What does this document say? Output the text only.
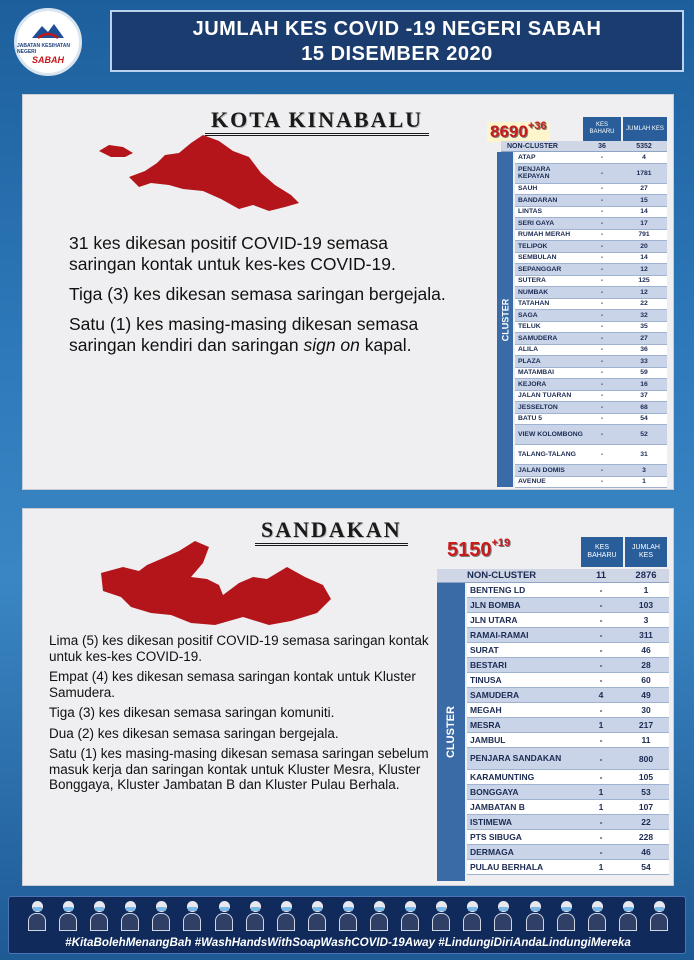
JABATAN KESIHATAN NEGERI
SABAH
JUMLAH KES COVID -19 NEGERI SABAH
15 DISEMBER 2020
KOTA KINABALU

31 kes dikesan positif COVID-19 semasa saringan kontak untuk kes-kes COVID-19.

Tiga (3) kes dikesan semasa saringan bergejala.

Satu (1) kes masing-masing dikesan semasa saringan kendiri dan saringan sign on kapal.

$8690^{+36}$	KES BAHARU
JUMLAH KES
NON-CLUSTER	36	5352
CLUSTER
ATAP	-	4
PENJARA KEPAYAN	-	1781
SAUH	-	27
BANDARAN	-	15
LINTAS	-	14
SERI GAYA	-	17
RUMAH MERAH	-	791
TELIPOK	-	20
SEMBULAN	-	14
SEPANGGAR	-	12
SUTERA	-	125
NUMBAK	-	12
TATAHAN	-	22
SAGA	-	32
TELUK	-	35
SAMUDERA	-	27
ALILA	-	36
PLAZA	-	33
MATAMBAI	-	59
KEJORA	-	16
JALAN TUARAN	-	37
JESSELTON	-	68
BATU 5	-	54
VIEW KOLOMBONG	-	52
TALANG-TALANG	-	31
JALAN DOMIS	-	3
AVENUE	-	1
SANDAKAN

Lima (5) kes dikesan positif COVID-19 semasa saringan kontak untuk kes-kes COVID-19.

Empat (4) kes dikesan semasa saringan kontak untuk Kluster Samudera.

Tiga (3) kes dikesan semasa saringan komuniti.

Dua (2) kes dikesan semasa saringan bergejala.

Satu (1) kes masing-masing dikesan semasa saringan sebelum masuk kerja dan saringan kontak untuk Kluster Mesra, Kluster Bonggaya, Kluster Jambatan B dan Kluster Pulau Berhala.

$5150^{+19}$	KES BAHARU
JUMLAH KES
NON-CLUSTER	11	2876
CLUSTER
BENTENG LD	-	1
JLN BOMBA	-	103
JLN UTARA	-	3
RAMAI-RAMAI	-	311
SURAT	-	46
BESTARI	-	28
TINUSA	-	60
SAMUDERA	4	49
MEGAH	-	30
MESRA	1	217
JAMBUL	-	11
PENJARA SANDAKAN	-	800
KARAMUNTING	-	105
BONGGAYA	1	53
JAMBATAN B	1	107
ISTIMEWA	-	22
PTS SIBUGA	-	228
DERMAGA	-	46
PULAU BERHALA	1	54
#KitaBolehMenangBah #WashHandsWithSoapWashCOVID-19Away #LindungiDiriAndaLindungiMereka
